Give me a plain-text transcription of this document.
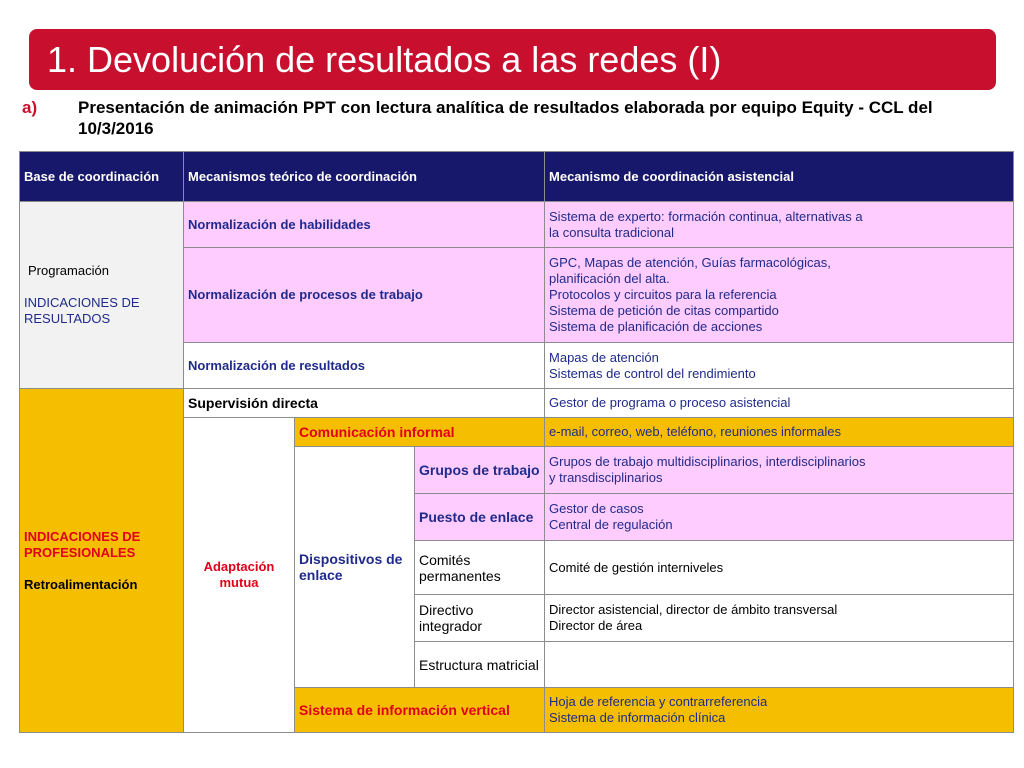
1. Devolución de resultados a las redes (I)
a) Presentación de animación PPT con lectura analítica de resultados elaborada por equipo Equity - CCL del 10/3/2016
Base de coordinación	Mecanismos teórico de coordinación			Mecanismo de coordinación asistencial

Programación
INDICACIONES DE RESULTADOS	Normalización de habilidades			Sistema de experto: formación continua, alternativas a
la consulta tradicional

	Normalización de procesos de trabajo			GPC, Mapas de atención, Guías farmacológicas,
planificación del alta.
Protocolos y circuitos para la referencia
Sistema de petición de citas compartido
Sistema de planificación de acciones

	Normalización de resultados			Mapas de atención
Sistemas de control del rendimiento

INDICACIONES DE PROFESIONALES
Retroalimentación	Supervisión directa			Gestor de programa o proceso asistencial
	Adaptación mutua	Comunicación informal		e-mail, correo, web, teléfono, reuniones informales
		Dispositivos de enlace	Grupos de trabajo	Grupos de trabajo multidisciplinarios, interdisciplinarios
y transdisciplinarios

			Puesto de enlace	Gestor de casos
Central de regulación

			Comités permanentes	Comité de gestión interniveles

			Directivo integrador	Director asistencial, director de ámbito transversal
Director de área

			Estructura matricial	
		Sistema de información vertical		Hoja de referencia y contrarreferencia
Sistema de información clínica
